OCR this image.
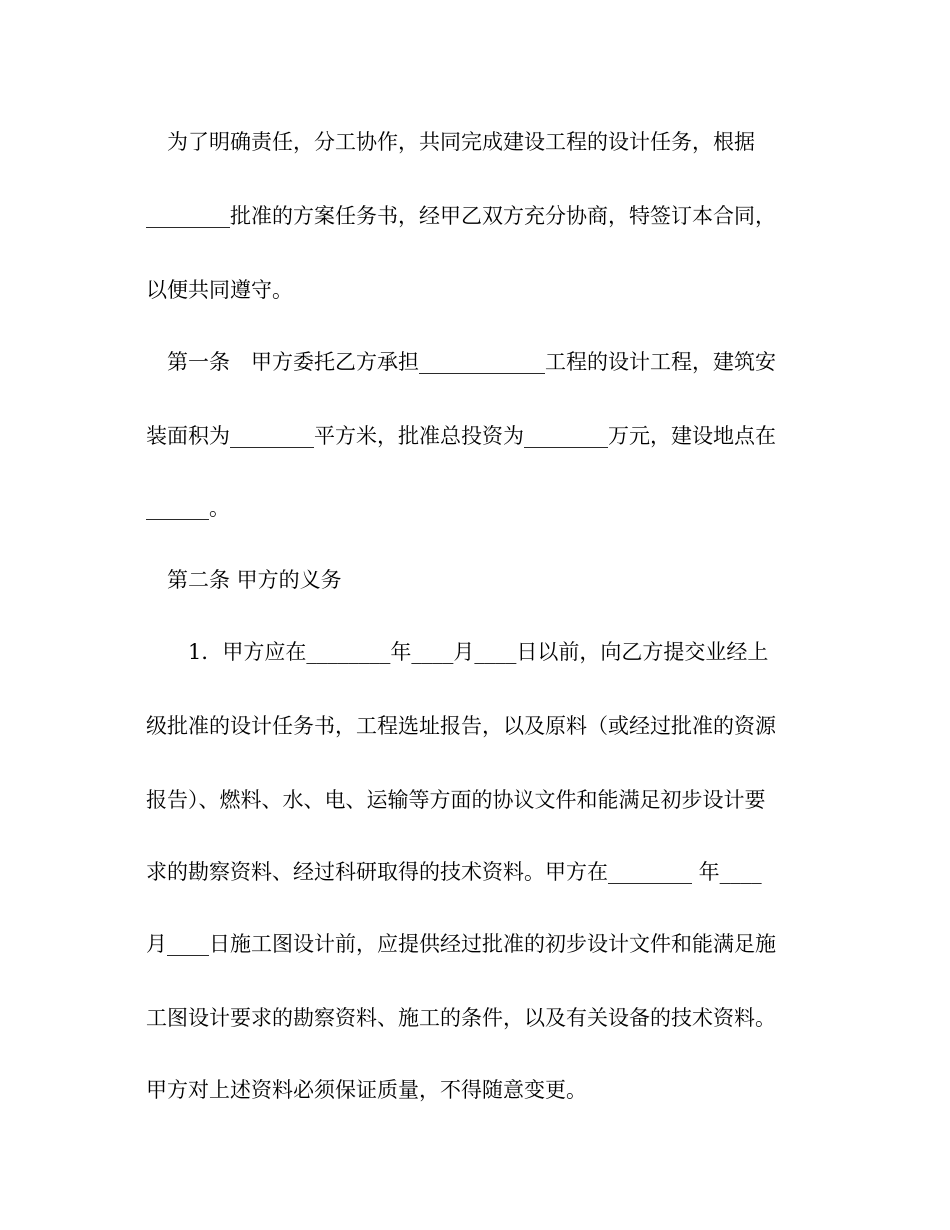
为了明确责任，分工协作，共同完成建设工程的设计任务，根据
________批准的方案任务书，经甲乙双方充分协商，特签订本合同，
以便共同遵守。
第一条　甲方委托乙方承担____________工程的设计工程，建筑安
装面积为________平方米，批准总投资为________万元，建设地点在
______。
第二条 甲方的义务
1．甲方应在________年____月____日以前，向乙方提交业经上
级批准的设计任务书，工程选址报告，以及原料（或经过批准的资源
报告）、燃料、水、电、运输等方面的协议文件和能满足初步设计要
求的勘察资料、经过科研取得的技术资料。甲方在________ 年____
月____日施工图设计前，应提供经过批准的初步设计文件和能满足施
工图设计要求的勘察资料、施工的条件，以及有关设备的技术资料。
甲方对上述资料必须保证质量，不得随意变更。
